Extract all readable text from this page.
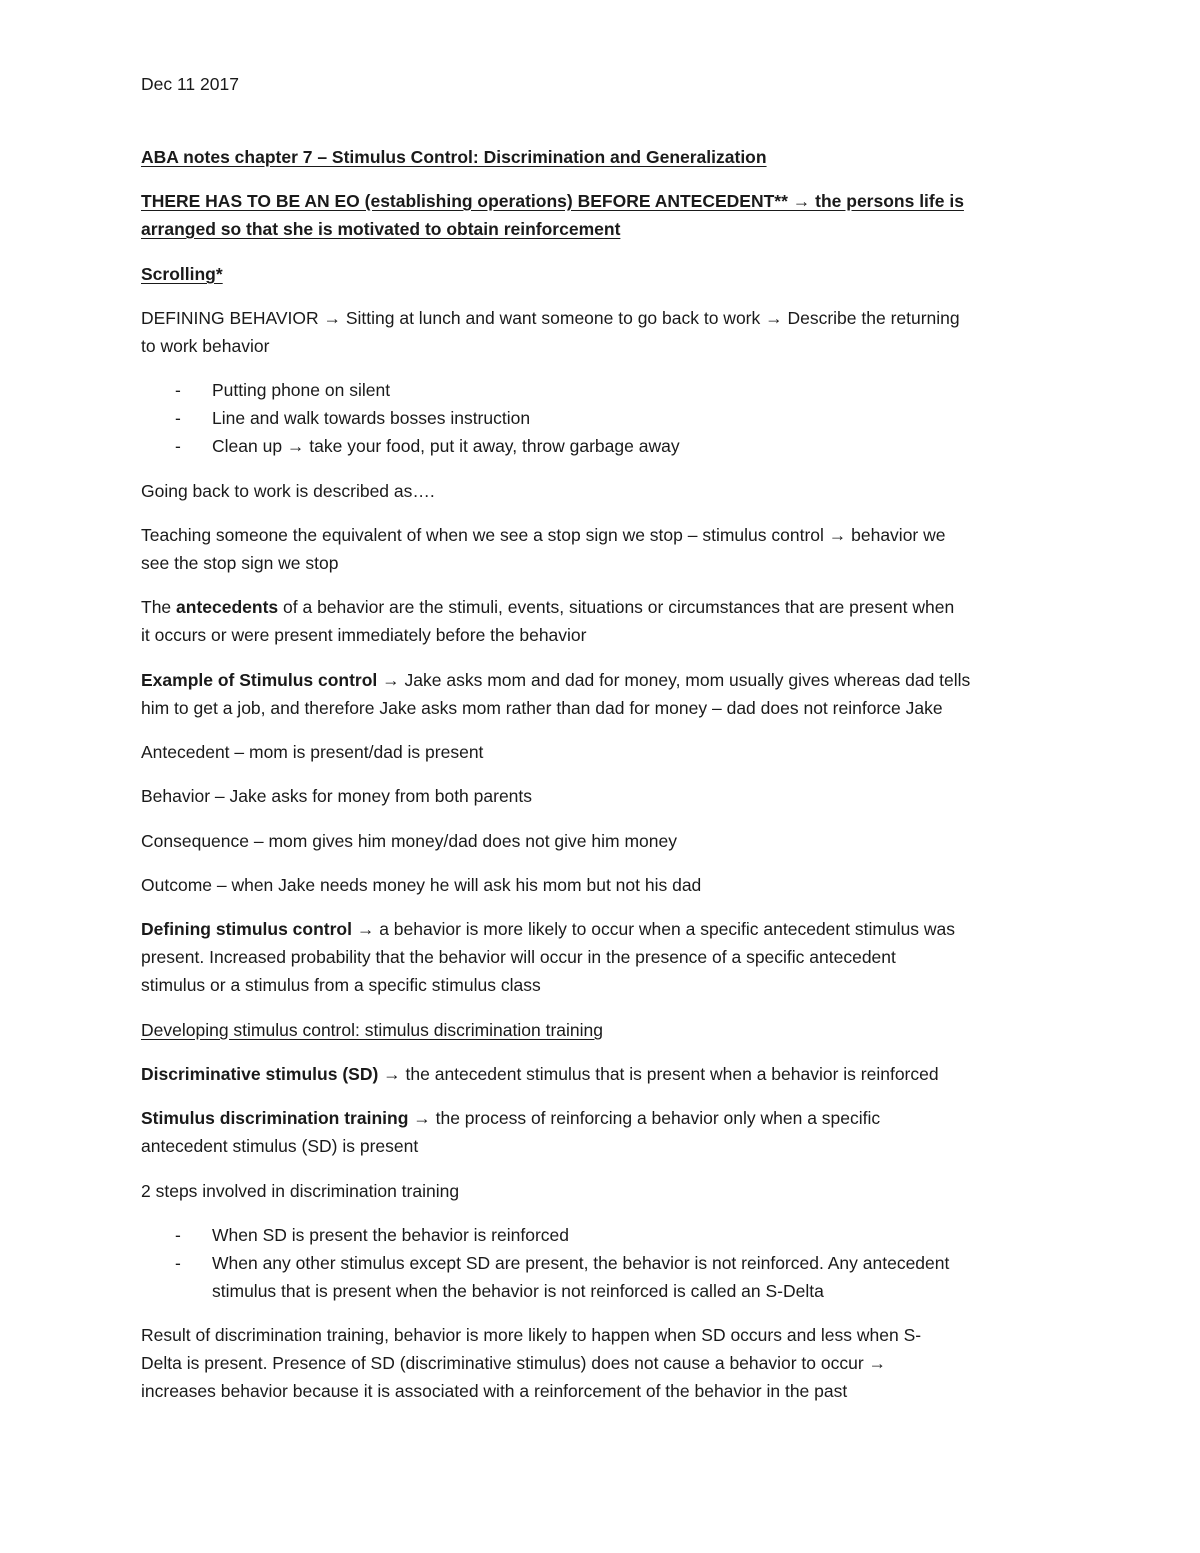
Dec 11 2017
ABA notes chapter 7 – Stimulus Control: Discrimination and Generalization
THERE HAS TO BE AN EO (establishing operations) BEFORE ANTECEDENT** → the persons life is
arranged so that she is motivated to obtain reinforcement
Scrolling*
DEFINING BEHAVIOR → Sitting at lunch and want someone to go back to work → Describe the returning
to work behavior
- Putting phone on silent
- Line and walk towards bosses instruction
- Clean up → take your food, put it away, throw garbage away
Going back to work is described as….
Teaching someone the equivalent of when we see a stop sign we stop – stimulus control → behavior we
see the stop sign we stop
The antecedents of a behavior are the stimuli, events, situations or circumstances that are present when
it occurs or were present immediately before the behavior
Example of Stimulus control → Jake asks mom and dad for money, mom usually gives whereas dad tells
him to get a job, and therefore Jake asks mom rather than dad for money – dad does not reinforce Jake
Antecedent – mom is present/dad is present
Behavior – Jake asks for money from both parents
Consequence – mom gives him money/dad does not give him money
Outcome – when Jake needs money he will ask his mom but not his dad
Defining stimulus control → a behavior is more likely to occur when a specific antecedent stimulus was
present. Increased probability that the behavior will occur in the presence of a specific antecedent
stimulus or a stimulus from a specific stimulus class
Developing stimulus control: stimulus discrimination training
Discriminative stimulus (SD) → the antecedent stimulus that is present when a behavior is reinforced
Stimulus discrimination training → the process of reinforcing a behavior only when a specific
antecedent stimulus (SD) is present
2 steps involved in discrimination training
- When SD is present the behavior is reinforced
- When any other stimulus except SD are present, the behavior is not reinforced. Any antecedent
stimulus that is present when the behavior is not reinforced is called an S-Delta
Result of discrimination training, behavior is more likely to happen when SD occurs and less when S-
Delta is present. Presence of SD (discriminative stimulus) does not cause a behavior to occur →
increases behavior because it is associated with a reinforcement of the behavior in the past
